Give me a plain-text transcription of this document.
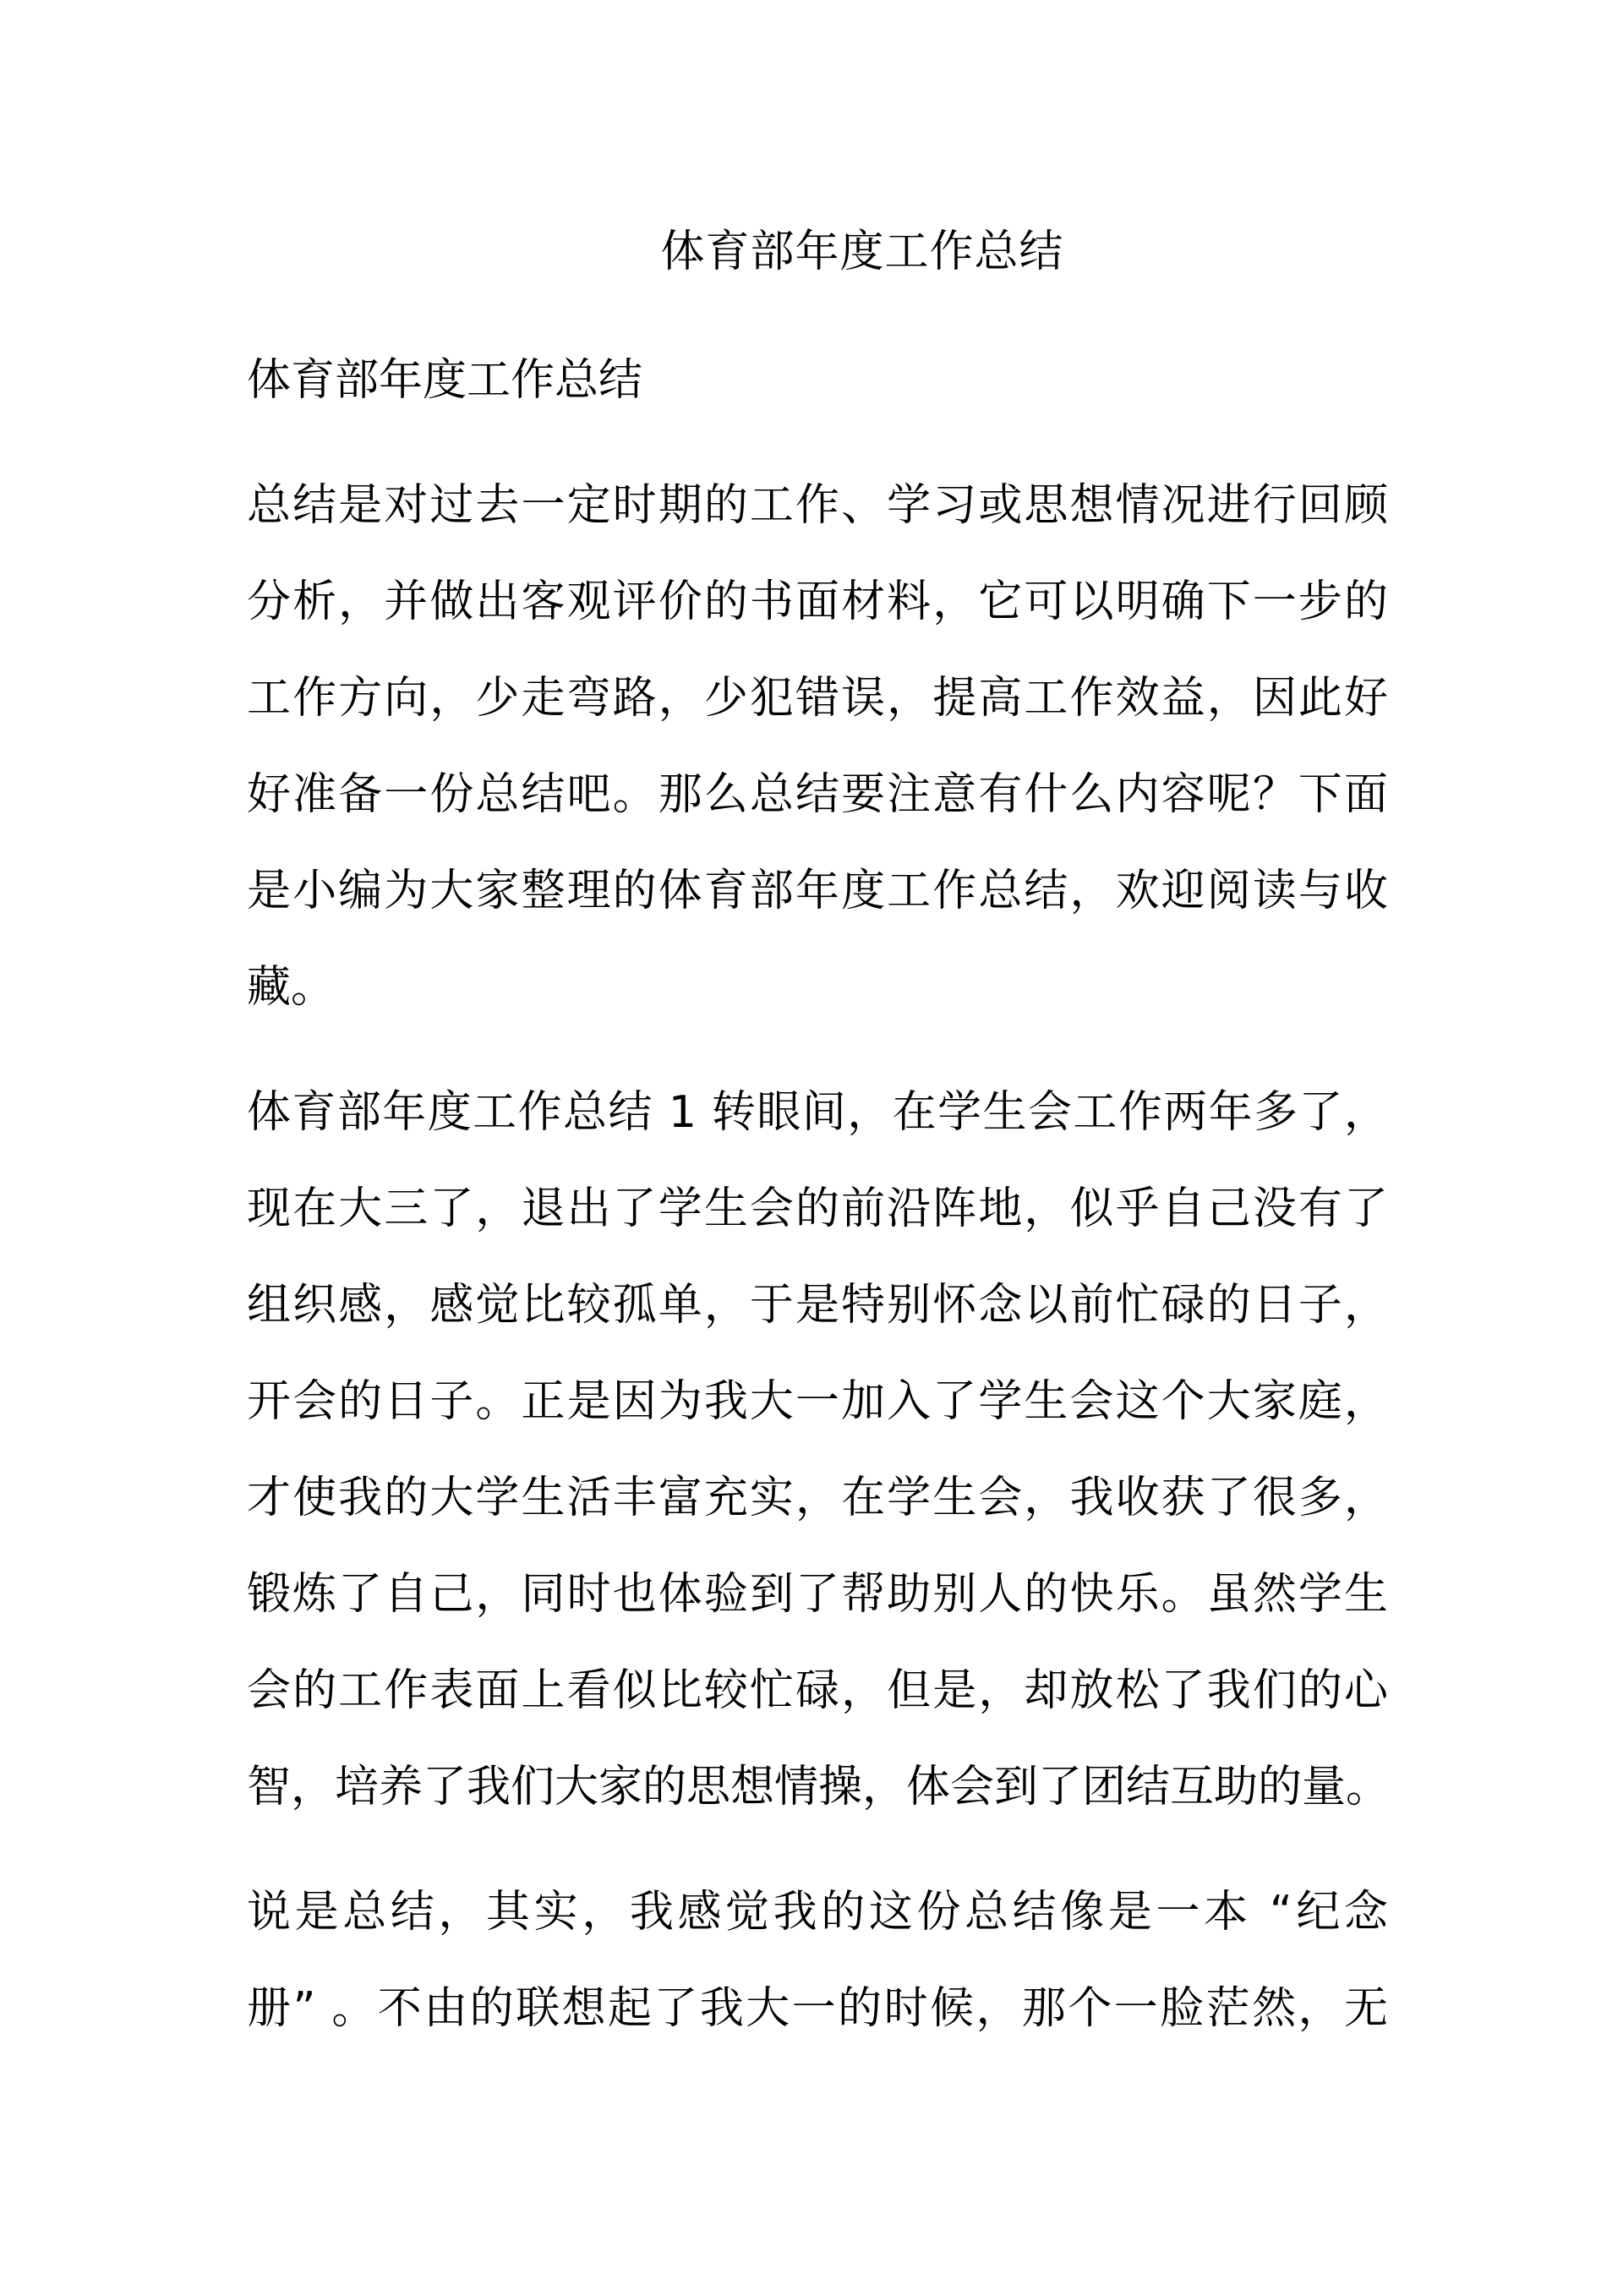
体育部年度工作总结
体育部年度工作总结

总结是对过去一定时期的工作、学习或思想情况进行回顾

分析，并做出客观评价的书面材料，它可以明确下一步的

工作方向，少走弯路，少犯错误，提高工作效益，因此好

好准备一份总结吧。那么总结要注意有什么内容呢？下面

是小编为大家整理的体育部年度工作总结，欢迎阅读与收

藏。

体育部年度工作总结 1 转眼间，在学生会工作两年多了，

现在大三了，退出了学生会的前沿阵地，似乎自己没有了

组织感，感觉比较孤单，于是特别怀念以前忙碌的日子，

开会的日子。正是因为我大一加入了学生会这个大家庭，

才使我的大学生活丰富充实，在学生会，我收获了很多，

锻炼了自己，同时也体验到了帮助别人的快乐。虽然学生

会的工作表面上看似比较忙碌，但是，却放松了我们的心

智，培养了我们大家的思想情操，体会到了团结互助的量。

说是总结，其实，我感觉我的这份总结像是一本 “纪念

册” 。不由的联想起了我大一的时候，那个一脸茫然，无
